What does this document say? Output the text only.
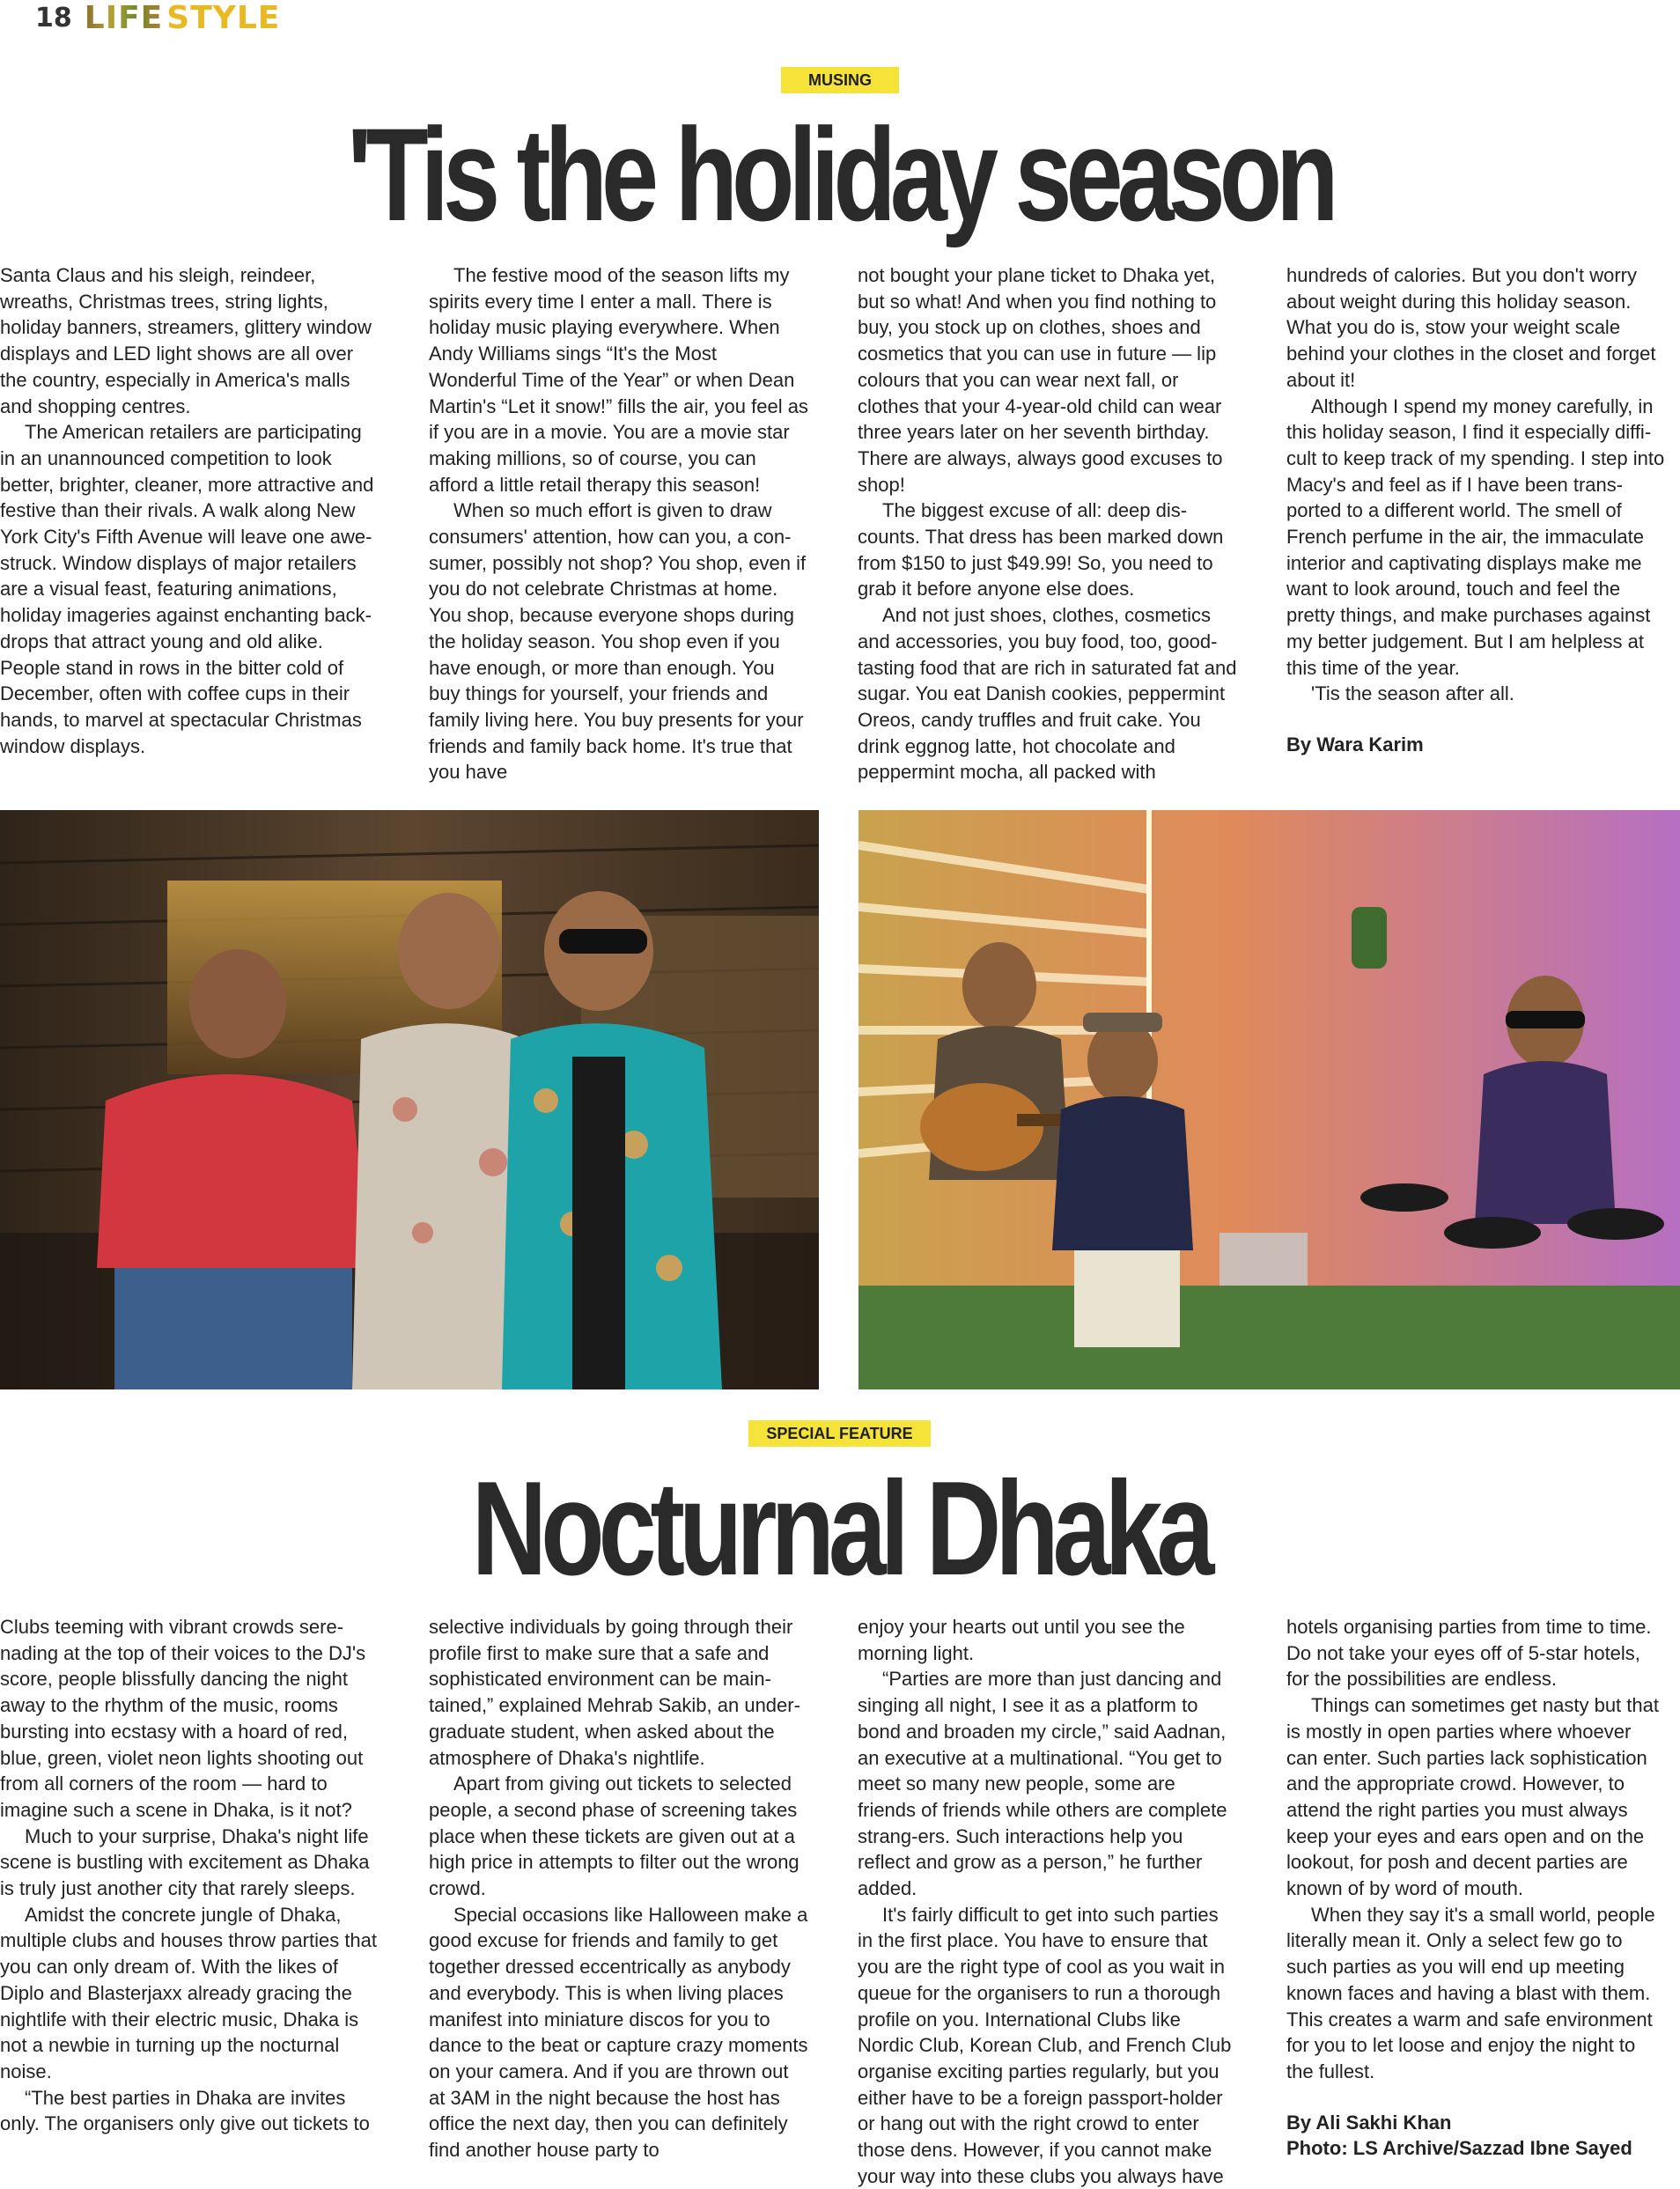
18 LIFE STYLE
MUSING
'Tis the holiday season

Santa Claus and his sleigh, reindeer, wreaths, Christmas trees, string lights, holiday banners, streamers, glittery window displays and LED light shows are all over the country, especially in America's malls and shopping centres.

The American retailers are participating in an unannounced competition to look better, brighter, cleaner, more attractive and festive than their rivals. A walk along New York City's Fifth Avenue will leave one awe-struck. Window displays of major retailers are a visual feast, featuring animations, holiday imageries against enchanting back-drops that attract young and old alike. People stand in rows in the bitter cold of December, often with coffee cups in their hands, to marvel at spectacular Christmas window displays.

The festive mood of the season lifts my spirits every time I enter a mall. There is holiday music playing everywhere. When Andy Williams sings “It's the Most Wonderful Time of the Year” or when Dean Martin's “Let it snow!” fills the air, you feel as if you are in a movie. You are a movie star making millions, so of course, you can afford a little retail therapy this season!

When so much effort is given to draw consumers' attention, how can you, a con-sumer, possibly not shop? You shop, even if you do not celebrate Christmas at home. You shop, because everyone shops during the holiday season. You shop even if you have enough, or more than enough. You buy things for yourself, your friends and family living here. You buy presents for your friends and family back home. It's true that you have

not bought your plane ticket to Dhaka yet, but so what! And when you find nothing to buy, you stock up on clothes, shoes and cosmetics that you can use in future — lip colours that you can wear next fall, or clothes that your 4-year-old child can wear three years later on her seventh birthday. There are always, always good excuses to shop!

The biggest excuse of all: deep dis-counts. That dress has been marked down from $150 to just $49.99! So, you need to grab it before anyone else does.

And not just shoes, clothes, cosmetics and accessories, you buy food, too, good-tasting food that are rich in saturated fat and sugar. You eat Danish cookies, peppermint Oreos, candy truffles and fruit cake. You drink eggnog latte, hot chocolate and peppermint mocha, all packed with

hundreds of calories. But you don't worry about weight during this holiday season. What you do is, stow your weight scale behind your clothes in the closet and forget about it!

Although I spend my money carefully, in this holiday season, I find it especially diffi-cult to keep track of my spending. I step into Macy's and feel as if I have been trans-ported to a different world. The smell of French perfume in the air, the immaculate interior and captivating displays make me want to look around, touch and feel the pretty things, and make purchases against my better judgement. But I am helpless at this time of the year.

'Tis the season after all.

By Wara Karim

SPECIAL FEATURE
Nocturnal Dhaka

Clubs teeming with vibrant crowds sere-nading at the top of their voices to the DJ's score, people blissfully dancing the night away to the rhythm of the music, rooms bursting into ecstasy with a hoard of red, blue, green, violet neon lights shooting out from all corners of the room — hard to imagine such a scene in Dhaka, is it not?

Much to your surprise, Dhaka's night life scene is bustling with excitement as Dhaka is truly just another city that rarely sleeps.

Amidst the concrete jungle of Dhaka, multiple clubs and houses throw parties that you can only dream of. With the likes of Diplo and Blasterjaxx already gracing the nightlife with their electric music, Dhaka is not a newbie in turning up the nocturnal noise.

“The best parties in Dhaka are invites only. The organisers only give out tickets to

selective individuals by going through their profile first to make sure that a safe and sophisticated environment can be main-tained,” explained Mehrab Sakib, an under-graduate student, when asked about the atmosphere of Dhaka's nightlife.

Apart from giving out tickets to selected people, a second phase of screening takes place when these tickets are given out at a high price in attempts to filter out the wrong crowd.

Special occasions like Halloween make a good excuse for friends and family to get together dressed eccentrically as anybody and everybody. This is when living places manifest into miniature discos for you to dance to the beat or capture crazy moments on your camera. And if you are thrown out at 3AM in the night because the host has office the next day, then you can definitely find another house party to

enjoy your hearts out until you see the morning light.

“Parties are more than just dancing and singing all night, I see it as a platform to bond and broaden my circle,” said Aadnan, an executive at a multinational. “You get to meet so many new people, some are friends of friends while others are complete strang-ers. Such interactions help you reflect and grow as a person,” he further added.

It's fairly difficult to get into such parties in the first place. You have to ensure that you are the right type of cool as you wait in queue for the organisers to run a thorough profile on you. International Clubs like Nordic Club, Korean Club, and French Club organise exciting parties regularly, but you either have to be a foreign passport-holder or hang out with the right crowd to enter those dens. However, if you cannot make your way into these clubs you always have

hotels organising parties from time to time. Do not take your eyes off of 5-star hotels, for the possibilities are endless.

Things can sometimes get nasty but that is mostly in open parties where whoever can enter. Such parties lack sophistication and the appropriate crowd. However, to attend the right parties you must always keep your eyes and ears open and on the lookout, for posh and decent parties are known of by word of mouth.

When they say it's a small world, people literally mean it. Only a select few go to such parties as you will end up meeting known faces and having a blast with them. This creates a warm and safe environment for you to let loose and enjoy the night to the fullest.

By Ali Sakhi Khan

Photo: LS Archive/Sazzad Ibne Sayed
